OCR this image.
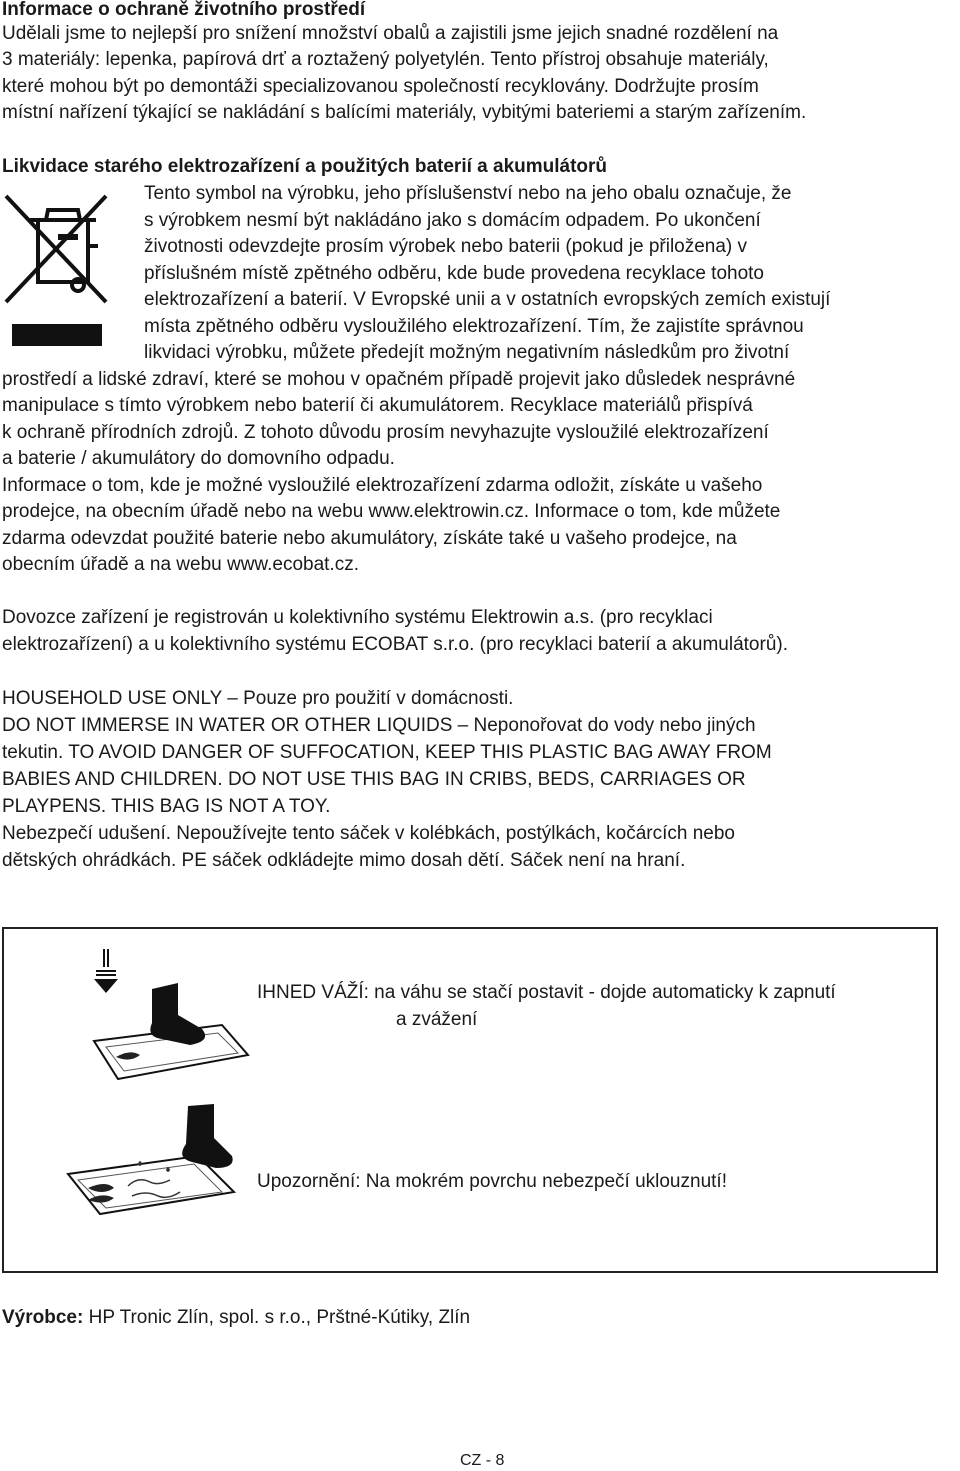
Informace o ochraně životního prostředí
Udělali jsme to nejlepší pro snížení množství obalů a zajistili jsme jejich snadné rozdělení na
3 materiály: lepenka, papírová drť a roztažený polyetylén. Tento přístroj obsahuje materiály,
které mohou být po demontáži specializovanou společností recyklovány. Dodržujte prosím
místní nařízení týkající se nakládání s balícími materiály, vybitými bateriemi a starým zařízením.
Likvidace starého elektrozařízení a použitých baterií a akumulátorů
Tento symbol na výrobku, jeho příslušenství nebo na jeho obalu označuje, že
s výrobkem nesmí být nakládáno jako s domácím odpadem. Po ukončení
životnosti odevzdejte prosím výrobek nebo baterii (pokud je přiložena) v
příslušném místě zpětného odběru, kde bude provedena recyklace tohoto
elektrozařízení a baterií. V Evropské unii a v ostatních evropských zemích existují
místa zpětného odběru vysloužilého elektrozařízení. Tím, že zajistíte správnou
likvidaci výrobku, můžete předejít možným negativním následkům pro životní
prostředí a lidské zdraví, které se mohou v opačném případě projevit jako důsledek nesprávné
manipulace s tímto výrobkem nebo baterií či akumulátorem. Recyklace materiálů přispívá
k ochraně přírodních zdrojů. Z tohoto důvodu prosím nevyhazujte vysloužilé elektrozařízení
a baterie / akumulátory do domovního odpadu.
Informace o tom, kde je možné vysloužilé elektrozařízení zdarma odložit, získáte u vašeho
prodejce, na obecním úřadě nebo na webu www.elektrowin.cz. Informace o tom, kde můžete
zdarma odevzdat použité baterie nebo akumulátory, získáte také u vašeho prodejce, na
obecním úřadě a na webu www.ecobat.cz.
Dovozce zařízení je registrován u kolektivního systému Elektrowin a.s. (pro recyklaci
elektrozařízení) a u kolektivního systému ECOBAT s.r.o. (pro recyklaci baterií a akumulátorů).
HOUSEHOLD USE ONLY – Pouze pro použití v domácnosti.
DO NOT IMMERSE IN WATER OR OTHER LIQUIDS – Neponořovat do vody nebo jiných
tekutin. TO AVOID DANGER OF SUFFOCATION, KEEP THIS PLASTIC BAG AWAY FROM
BABIES AND CHILDREN. DO NOT USE THIS BAG IN CRIBS, BEDS, CARRIAGES OR
PLAYPENS. THIS BAG IS NOT A TOY.
Nebezpečí udušení. Nepoužívejte tento sáček v kolébkách, postýlkách, kočárcích nebo
dětských ohrádkách. PE sáček odkládejte mimo dosah dětí. Sáček není na hraní.
IHNED VÁŽÍ: na váhu se stačí postavit - dojde automaticky k zapnutí
a zvážení
Upozornění: Na mokrém povrchu nebezpečí uklouznutí!
Výrobce: HP Tronic Zlín, spol. s r.o., Prštné-Kútiky, Zlín
CZ - 8
